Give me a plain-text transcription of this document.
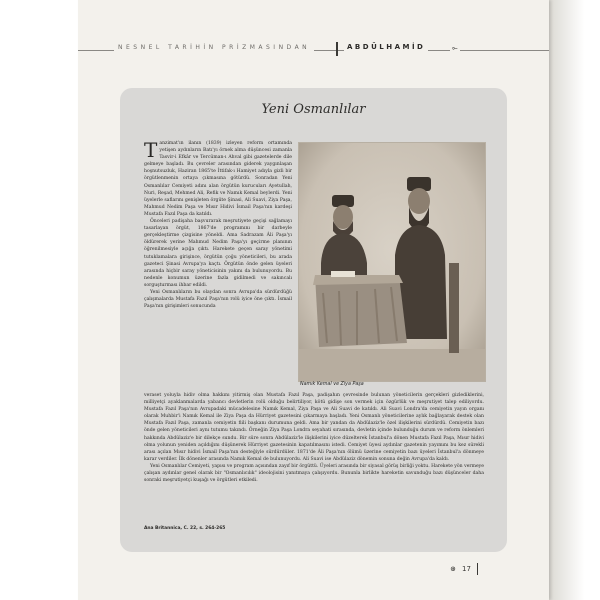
NESNEL TARİHİN PRİZMASINDAN	ABDÜLHAMİD	⟜
Yeni Osmanlılar

Tanzimat'ın ilanın (1839) izleyen reform ortamında yetişen aydınların Batı'yı örnek alma düşüncesi zamanla Tasvir-i Efkâr ve Tercüman-ı Ahval gibi gazetelerde dile gelmeye başladı. Bu çevreler arasından giderek yaygınlaşan hoşnutsuzluk, Haziran 1865'te İttifak-ı Hamiyet adıyla gizli bir örgütlenmenin ortaya çıkmasına götürdü. Sonradan Yeni Osmanlılar Cemiyeti adını alan örgütün kurucuları Ayetullah, Nuri, Reşad, Mehmed Ali, Refik ve Namık Kemal beylerdi. Yeni üyelerle saflarını genişleten örgüte Şinasi, Ali Suavi, Ziya Paşa, Mahmud Nedim Paşa ve Mısır Hidivi İsmail Paşa'nın kardeşi Mustafa Fazıl Paşa da katıldı.

Önceleri padişaha başvurarak meşrutiyete geçişi sağlamayı tasarlayan örgüt, 1867'de programını bir darbeyle gerçekleştirme çizgisine yöneldi. Ama Sadrazam Âli Paşa'yı öldürerek yerine Mahmud Nedim Paşa'yı geçirme planının öğrenilmesiyle açığa çıktı. Harekete geçen saray yönetimi tutuklamalara girişince, örgütün çoğu yöneticileri, bu arada gazeteci Şinasi Avrupa'ya kaçtı. Örgütün önde gelen üyeleri arasında hiçbir saray yöneticisinin yakını da bulunuyordu. Bu nedenle konumun üzerine fazla gidilmedi ve sakıncalı sorguşturması ihbar edildi.

Yeni Osmanlıların bu olaydan sonra Avrupa'da sürdürdüğü çalışmalarda Mustafa Fazıl Paşa'nın rolü iyice öne çıktı. İsmail Paşa'nın girişimleri sonucunda

Namık Kemal ve Ziya Paşa

veraset yoluyla hidiv olma hakkını yitirmiş olan Mustafa Fazıl Paşa, padişahın çevresinde bulunan yöneticilerin gerçekleri gizlediklerini, milliyetçi ayaklanmalarda yabancı devletlerin rolü olduğu belirtiliyor, kötü gidişe son vermek için özgürlük ve meşrutiyet talep ediliyordu. Mustafa Fazıl Paşa'nın Avrupadaki mücadelesine Namık Kemal, Ziya Paşa ve Ali Suavi de katıldı. Ali Suavi Londra'da cemiyetin yayın organı olarak Muhbir'i Namık Kemal ile Ziya Paşa da Hürriyet gazetesini çıkarmaya başladı. Yeni Osmanlı yöneticilerine aylık bağlayarak destek olan Mustafa Fazıl Paşa, zamanla cemiyetin fiili başkanı durumuna geldi. Ama bir yandan da Abdülaziz'le özel ilişkilerini sürdürdü. Cemiyetin bazı önde gelen yöneticileri aynı tutumu takındı. Örneğin Ziya Paşa Londra seyahati sırasında, devletin içinde bulunduğu durum ve reform önlemleri hakkında Abdülaziz'e bir dilekçe sundu. Bir süre sonra Abdülaziz'le ilişkilerini iyice düzelterek İstanbul'a dönen Mustafa Fazıl Paşa, Mısır hidivi olma yolunun yeniden açıldığını düşünerek Hürriyet gazetesinin kapatılmasını istedi. Cemiyet üyesi aydınlar gazetenin yayımını bu kez sürekli arası açılan Mısır hidivi İsmail Paşa'nın desteğiyle sürdürdüler. 1871'de Âli Paşa'nın ölümü üzerine cemiyetin bazı üyeleri İstanbul'a dönmeye karar verdiler. İlk dönenler arasında Namık Kemal de bulunuyordu. Ali Suavi ise Abdülaziz dönemin sonuna değin Avrupa'da kaldı.

Yeni Osmanlılar Cemiyeti, yapısı ve program açısından zayıf bir örgüttü. Üyeleri arasında bir siyasal görüş birliği yoktu. Harekete yön vermeye çalışan aydınlar genel olarak bir "Osmanlıcılık" ideolojisini yanıtmaya çalışıyordu. Bununla birlikte hareketin savunduğu bazı düşünceler daha sonraki meşrutiyetçi kuşağı ve örgütleri etkiledi.

Ana Britannica, C. 22, s. 264-265
⊛ 17
